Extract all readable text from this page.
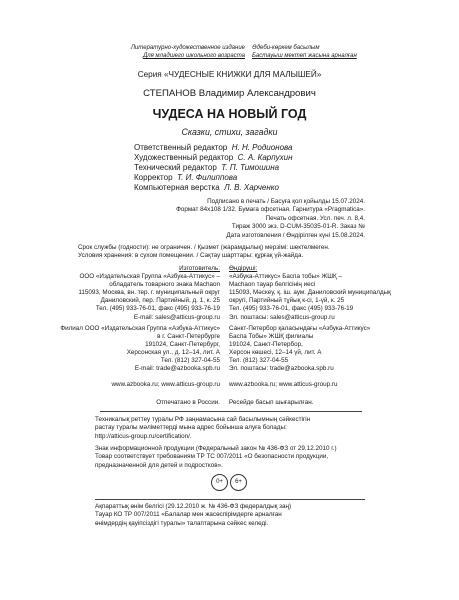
Литературно-художественное издание
Для младшего школьного возраста
Әдеби-көркем басылым
Бастауыш мектеп жасына арналған
Серия «ЧУДЕСНЫЕ КНИЖКИ ДЛЯ МАЛЫШЕЙ»
СТЕПАНОВ Владимир Александрович
ЧУДЕСА НА НОВЫЙ ГОД
Сказки, стихи, загадки
Ответственный редактор Н. Н. Родионова
Художественный редактор С. А. Карпухин
Технический редактор Т. П. Тимошина
Корректор Т. И. Филиппова
Компьютерная верстка Л. В. Харченко
Подписано в печать / Басуға қол қойылды 15.07.2024.
Формат 84x108 1/32. Бумага офсетная. Гарнитура «Pragmatica».
Печать офсетная. Усл. печ. л. 8,4.
Тираж 3000 экз. D-CUM-35035-01-R. Заказ №
Дата изготовления / Өндірілген күні 15.08.2024.
Срок службы (годности): не ограничен. / Қызмет (жарамдылық) мерзімі: шектелмеген.
Условия хранения: в сухом помещении. / Сақтау шарттары: құрғақ үй-жайда.
Изготовитель:
ООО «Издательская Группа «Азбука-Аттикус» –
обладатель товарного знака Machaon
115093, Москва, вн. тер. г. муниципальный округ
Даниловский, пер. Партийный, д. 1, к. 25
Тел. (495) 933-76-01, факс (495) 933-76-19
E-mail: sales@atticus-group.ru
Өндіруші:
«Азбука-Аттикус» Баспа тобы» ЖШҚ –
Machaon тауар белгісінің иесі
115093, Мәскеу, қ. іш. аум. Даниловский муниципалдық
округі, Партийный тұйық к-сі, 1-үй, к. 25
Тел. (495) 933-76-01, факс (495) 933-76-19
Эл. поштасы: sales@atticus-group.ru
Филиал ООО «Издательская Группа «Азбука-Аттикус»
в г. Санкт-Петербурге
191024, Санкт-Петербург,
Херсонская ул., д. 12–14, лит. А
Тел. (812) 327-04-55
E-mail: trade@azbooka.spb.ru
Санкт-Петербор қаласындағы «Азбука-Аттикус»
Баспа Тобы» ЖШҚ филиалы
191024, Санкт-Петербор,
Херсон көшесі, 12–14 үй, лит. А
Тел. (812) 327-04-55
Эл. поштасы: trade@azbooka.spb.ru
www.azbooka.ru; www.atticus-group.ru www.azbooka.ru; www.atticus-group.ru
Отпечатано в России. Ресейде басып шығарылған.
Техникалық реттеу туралы РФ заңнамасына сай басылымның сәйкестігін
растау туралы мәліметтерді мына адрес бойынша алуға болады:
http://atticus-group.ru/certification/.
Знак информационной продукции (Федеральный закон № 436-ФЗ от 29.12.2010 г.)
Товар соответствует требованиям ТР ТС 007/2011 «О безопасности продукции,
предназначенной для детей и подростков».
0+	6+
Ақпараттық өнім белгісі (29.12.2010 ж. № 436-ФЗ федералдық заң)
Тауар КО ТР 007/2011 «Балалар мен жасөспірімдерге арналған
өнімдердің қауіпсіздігі туралы» талаптарына сәйкес келеді.
